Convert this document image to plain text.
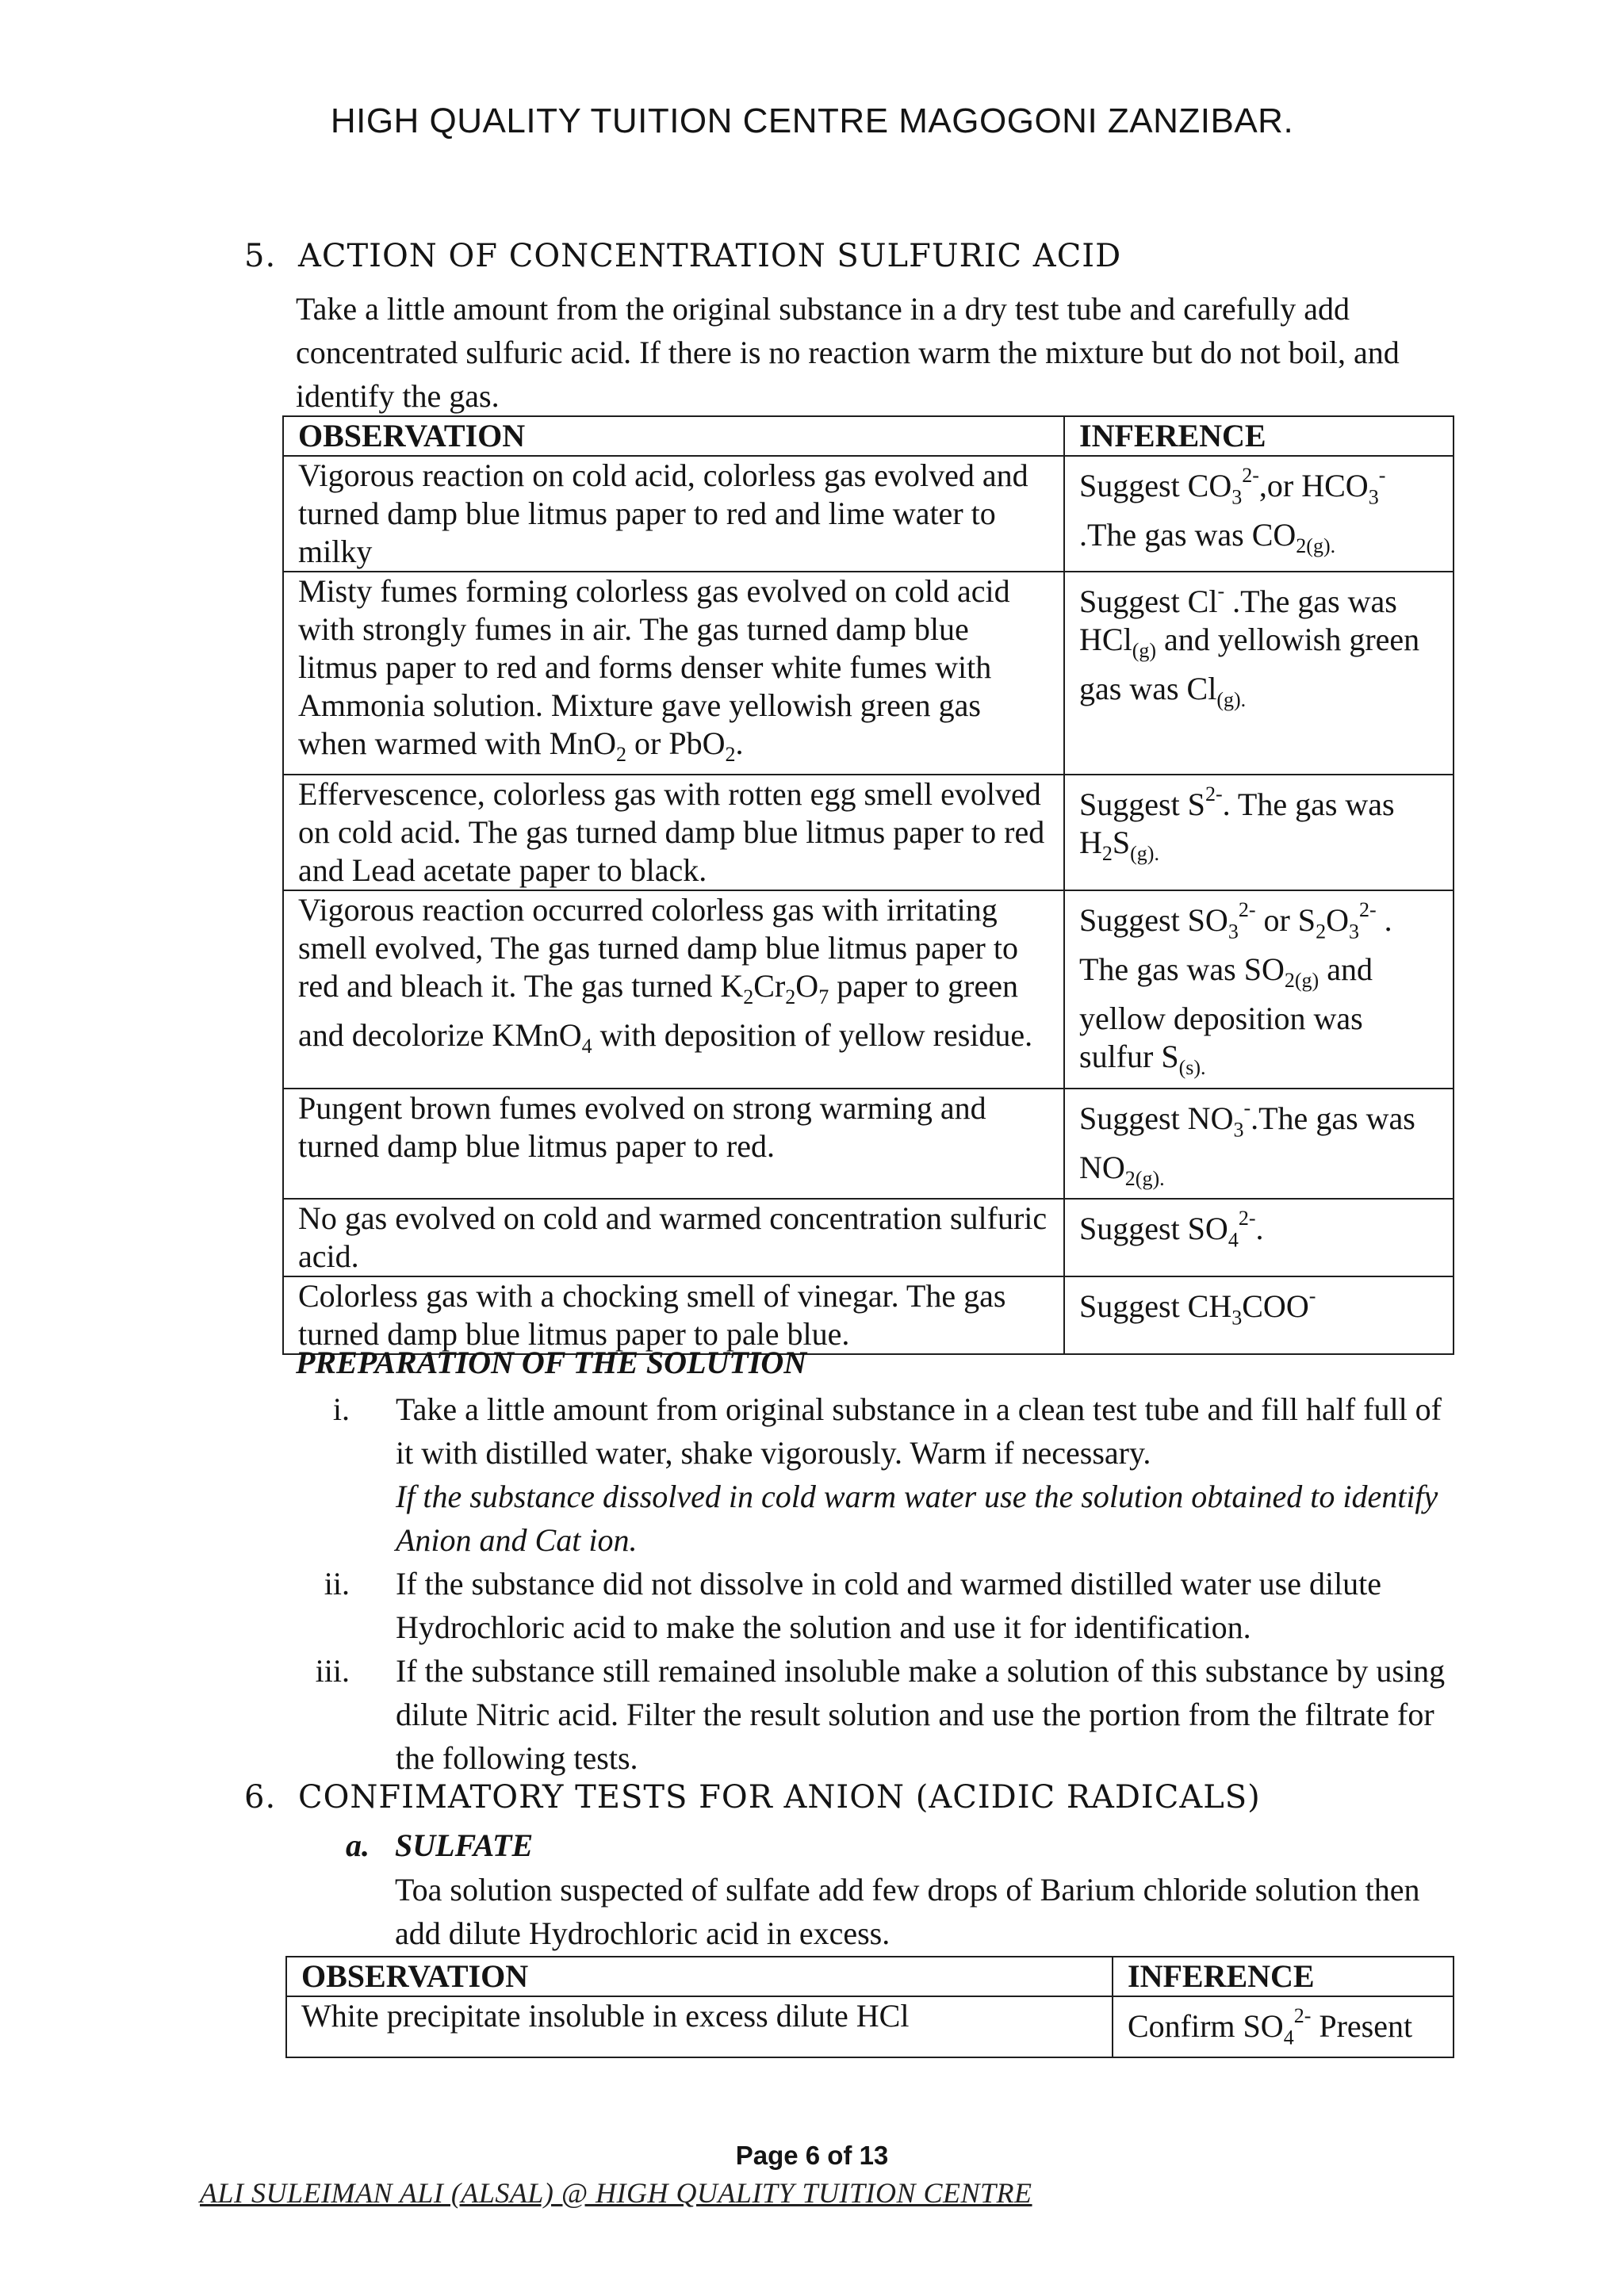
HIGH QUALITY TUITION CENTRE MAGOGONI ZANZIBAR.
5. ACTION OF CONCENTRATION SULFURIC ACID
Take a little amount from the original substance in a dry test tube and carefully add concentrated sulfuric acid. If there is no reaction warm the mixture but do not boil, and identify the gas.
OBSERVATION	INFERENCE
Vigorous reaction on cold acid, colorless gas evolved and turned damp blue litmus paper to red and lime water to milky	Suggest $CO_3^{2-},or$ $HCO_3^-$ .The gas was $CO_{2(g).}$
Misty fumes forming colorless gas evolved on cold acid with strongly fumes in air. The gas turned damp blue litmus paper to red and forms denser white fumes with Ammonia solution. Mixture gave yellowish green gas when warmed with MnO$_2$ or PbO$_2$.	Suggest Cl- .The gas was HCl$_{(g)}$ and yellowish green gas was $Cl_{(g).}$
Effervescence, colorless gas with rotten egg smell evolved on cold acid. The gas turned damp blue litmus paper to red and Lead acetate paper to black.	Suggest $S^{2-}$. The gas was $H_2S_{(g).}$
Vigorous reaction occurred colorless gas with irritating smell evolved, The gas turned damp blue litmus paper to red and bleach it. The gas turned $K_2Cr_2O_7$ paper to green and decolorize KMnO$_4$ with deposition of yellow residue.	Suggest $SO_3^{2-}$ or $S_2O_3^{2-}$ . The gas was $SO_{2(g)}$ and yellow deposition was sulfur $S_{(s).}$
Pungent brown fumes evolved on strong warming and turned damp blue litmus paper to red.	Suggest $NO_3^-.The$ gas was $NO_{2(g).}$
No gas evolved on cold and warmed concentration sulfuric acid.	Suggest $SO_4^{2-}$.
Colorless gas with a chocking smell of vinegar. The gas turned damp blue litmus paper to pale blue.	Suggest $CH_3COO^-$
PREPARATION OF THE SOLUTION
i. Take a little amount from original substance in a clean test tube and fill half full of it with distilled water, shake vigorously. Warm if necessary.
If the substance dissolved in cold warm water use the solution obtained to identify Anion and Cat ion.
ii. If the substance did not dissolve in cold and warmed distilled water use dilute Hydrochloric acid to make the solution and use it for identification.
iii. If the substance still remained insoluble make a solution of this substance by using dilute Nitric acid. Filter the result solution and use the portion from the filtrate for the following tests.
6. CONFIMATORY TESTS FOR ANION (ACIDIC RADICALS)
a. SULFATE
Toa solution suspected of sulfate add few drops of Barium chloride solution then add dilute Hydrochloric acid in excess.
OBSERVATION	INFERENCE
White precipitate insoluble in excess dilute HCl	Confirm $SO_4^{2-}$ Present
Page 6 of 13
ALI SULEIMAN ALI (ALSAL) @ HIGH QUALITY TUITION CENTRE
